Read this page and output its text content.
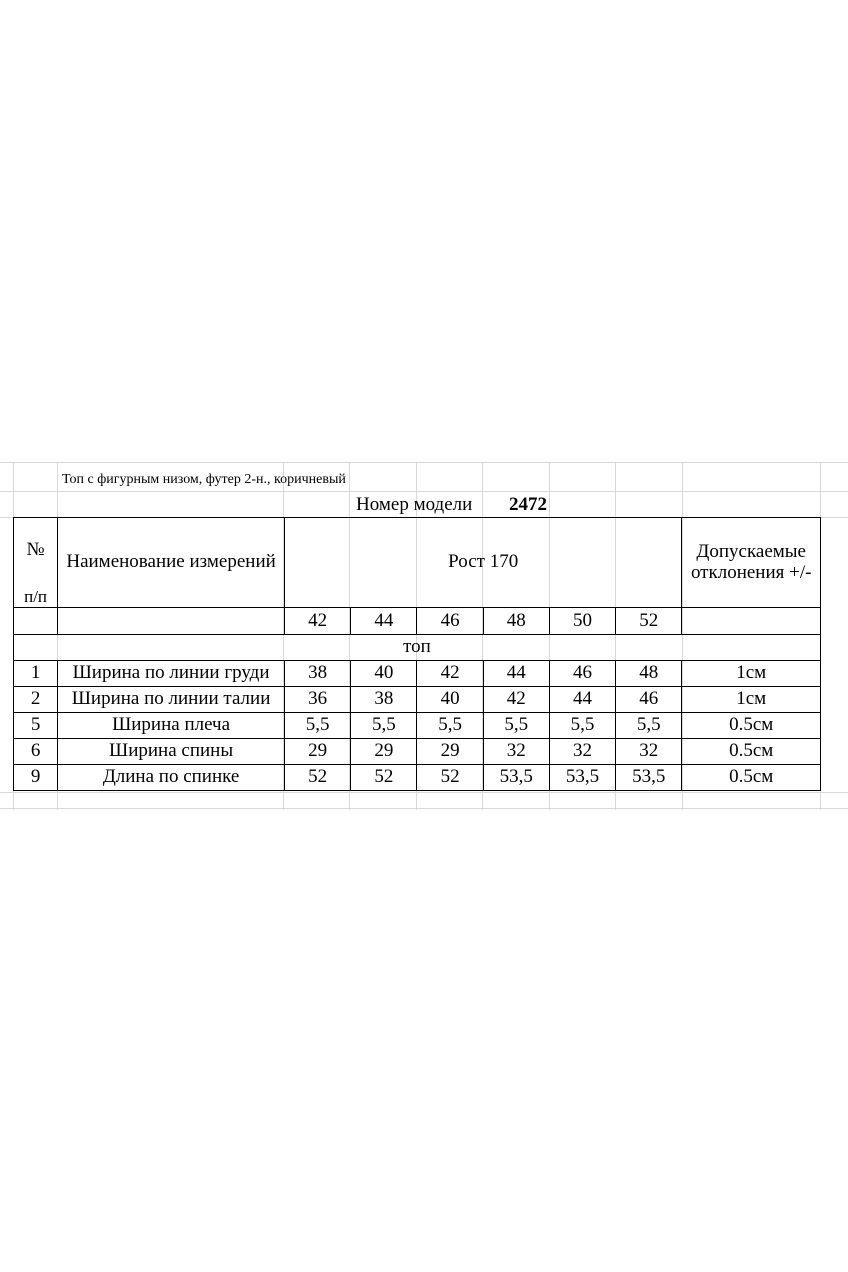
Топ с фигурным низом, футер 2-н., коричневый
Номер модели 2472
№
п/п	Наименование измерений	Рост 170						Допускаемые отклонения +/-
		42	44	46	48	50	52	
топ								
1	Ширина по линии груди	38	40	42	44	46	48	1см
2	Ширина по линии талии	36	38	40	42	44	46	1см
5	Ширина плеча	5,5	5,5	5,5	5,5	5,5	5,5	0.5см
6	Ширина спины	29	29	29	32	32	32	0.5см
9	Длина по спинке	52	52	52	53,5	53,5	53,5	0.5см
